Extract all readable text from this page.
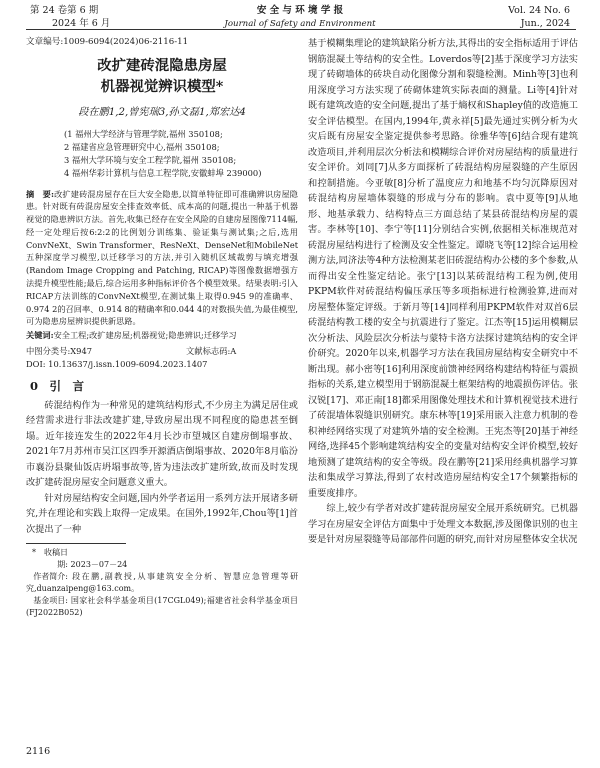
第 24 卷第 6 期
2024 年 6 月
安 全 与 环 境 学 报
Journal of Safety and Environment
Vol. 24 No. 6
Jun., 2024
文章编号:1009-6094(2024)06-2116-11
改扩建砖混隐患房屋
机器视觉辨识模型*
段在鹏1,2,曾宪瑞3,孙文磊1,郑宏达4
(1 福州大学经济与管理学院,福州 350108;
2 福建省应急管理研究中心,福州 350108;
3 福州大学环境与安全工程学院,福州 350108;
4 福州华彩计算机与信息工程学院,安徽蚌埠 239000)
摘　要:改扩建砖混房屋存在巨大安全隐患,以简单特征即可准确辨识房屋隐患。针对既有砖混房屋安全排查效率低、成本高的问题,提出一种基于机器视觉的隐患辨识方法。首先,收集已经存在安全风险的自建房屋图像7114幅,经一定处理后按6:2:2的比例划分训练集、验证集与测试集;之后,选用ConvNeXt、Swin Transformer、ResNeXt、DenseNet和MobileNet五种深度学习模型,以迁移学习的方法,并引入随机区域裁剪与填充增强(Random Image Cropping and Patching, RICAP)等图像数据增强方法提升模型性能;最后,综合运用多种指标评价各个模型效果。结果表明:引入RICAP方法训练的ConvNeXt模型,在测试集上取得0.945 9的准确率、0.974 2的召回率、0.914 8的精确率和0.044 4的对数损失值,为最佳模型,可为隐患房屋辨识提供新思路。
关键词:安全工程;改扩建房屋;机器视觉;隐患辨识;迁移学习
中图分类号:X947	文献标志码:A
DOI: 10.13637/j.issn.1009-6094.2023.1407
0　引　言

砖混结构作为一种常见的建筑结构形式,不少房主为满足居住或经营需求进行非法改建扩建,导致房屋出现不同程度的隐患甚至倒塌。近年接连发生的2022年4月长沙市望城区自建房倒塌事故、2021年7月苏州市吴江区四季开源酒店倒塌事故、2020年8月临汾市襄汾县聚仙饭店坍塌事故等,皆为违法改扩建所致,故而及时发现改扩建砖混房屋安全问题意义重大。

针对房屋结构安全问题,国内外学者运用一系列方法开展诸多研究,并在理论和实践上取得一定成果。在国外,1992年,Chou等[1]首次提出了一种

*　收稿日期: 2023－07－24
作者简介: 段在鹏,副教授,从事建筑安全分析、智慧应急管理等研究,duanzaipeng@163.com。
基金项目: 国家社会科学基金项目(17CGL049);福建省社会科学基金项目(FJ2022B052)
2116

基于模糊集理论的建筑缺陷分析方法,其得出的安全指标适用于评估钢筋混凝土等结构的安全性。Loverdos等[2]基于深度学习方法实现了砖砌墙体的砖块自动化图像分割和裂缝检测。Minh等[3]也利用深度学习方法实现了砖砌体建筑实际表面的测量。Li等[4]针对既有建筑改造的安全问题,提出了基于熵权和Shapley值的改造施工安全评估模型。在国内,1994年,黄永祥[5]最先通过实例分析为火灾后既有房屋安全鉴定提供参考思路。徐雅华等[6]结合现有建筑改造项目,并利用层次分析法和模糊综合评价对房屋结构的质量进行安全评价。刘同[7]从多方面探析了砖混结构房屋裂缝的产生原因和控制措施。今亚敏[8]分析了温度应力和地基不均匀沉降原因对砖混结构房屋墙体裂缝的形成与分布的影响。袁中夏等[9]从地形、地基承载力、结构特点三方面总结了某县砖混结构房屋的震害。李林等[10]、李宁等[11]分别结合实例,依据相关标准规范对砖混房屋结构进行了检测及安全性鉴定。谭晓飞等[12]综合运用检测方法,同济法等4种方法检测某老旧砖混结构办公楼的多个参数,从而得出安全性鉴定结论。张宁[13]以某砖混结构工程为例,使用PKPM软件对砖混结构偏压承压等多项指标进行检测验算,进而对房屋整体鉴定评级。于新月等[14]同样利用PKPM软件对双首6层砖混结构教工楼的安全与抗震进行了鉴定。江杰等[15]运用模糊层次分析法、风险层次分析法与蒙特卡洛方法探讨建筑结构的安全评价研究。2020年以来,机器学习方法在我国房屋结构安全研究中不断出现。郝小密等[16]利用深度前馈神经网络构建结构特征与震损指标的关系,建立模型用于钢筋混凝土框架结构的地震损伤评估。张汉锐[17]、邓正南[18]都采用图像处理技术和计算机视觉技术进行了砖混墙体裂缝识别研究。康东林等[19]采用嵌入注意力机制的卷积神经网络实现了对建筑外墙的安全检测。王宪杰等[20]基于神经网络,选择45个影响建筑结构安全的变量对结构安全评价模型,较好地预测了建筑结构的安全等级。段在鹏等[21]采用经典机器学习算法和集成学习算法,得到了农村改造房屋结构安全17个频繁指标的重要度排序。

综上,较少有学者对改扩建砖混房屋安全展开系统研究。已机器学习在房屋安全评估方面集中于处理文本数据,涉及图像识别的也主要是针对房屋裂缝等局部部件问题的研究,而针对房屋整体安全状况
